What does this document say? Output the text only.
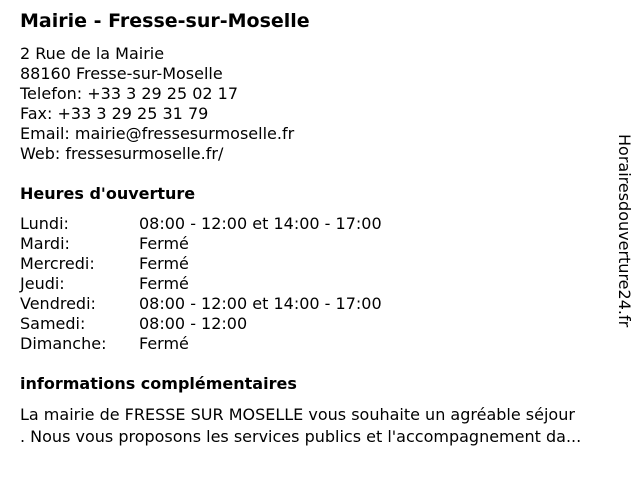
Mairie - Fresse-sur-Moselle
2 Rue de la Mairie
88160 Fresse-sur-Moselle
Telefon: +33 3 29 25 02 17
Fax: +33 3 29 25 31 79
Email: mairie@fressesurmoselle.fr
Web: fressesurmoselle.fr/
Heures d'ouverture
Lundi:	08:00 - 12:00 et 14:00 - 17:00
Mardi:	Fermé
Mercredi:	Fermé
Jeudi:	Fermé
Vendredi:	08:00 - 12:00 et 14:00 - 17:00
Samedi:	08:00 - 12:00
Dimanche: Fermé
informations complémentaires
La mairie de FRESSE SUR MOSELLE vous souhaite un agréable séjour
. Nous vous proposons les services publics et l'accompagnement da...
Horairesdouverture24.fr
